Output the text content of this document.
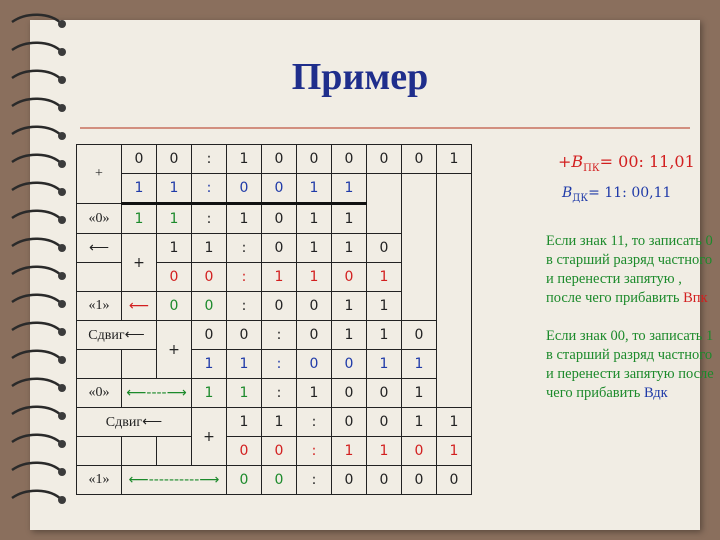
Пример
+	0	0	:	1	0	0	0	0	0	1
	1	1	:	0	0	1	1			
«0»	1	1	:	1	0	1	1			
⟵	+	1	1	:	0	1	1	0		
		0	0	:	1	1	0	1		
«1»	⟵	0	0	:	0	0	1	1		
Сдвиг⟵		+	0	0	:	0	1	1	0	
			1	1	:	0	0	1	1	
«0»	⟵----⟶		1	1	:	1	0	0	1	
Сдвиг⟵			+	1	1	:	0	0	1	1
				0	0	:	1	1	0	1
«1»	⟵----------⟶			0	0	:	0	0	0	0
$+B_{ПК}= 00$: 11,01
$B_{ДК}= 11$: 00,11

Если знак 11, то записать 0 в старший разряд частного и перенести запятую , после чего прибавить Впк

Если знак 00, то записать 1 в старший разряд частного и перенести запятую после чего прибавить Вдк
